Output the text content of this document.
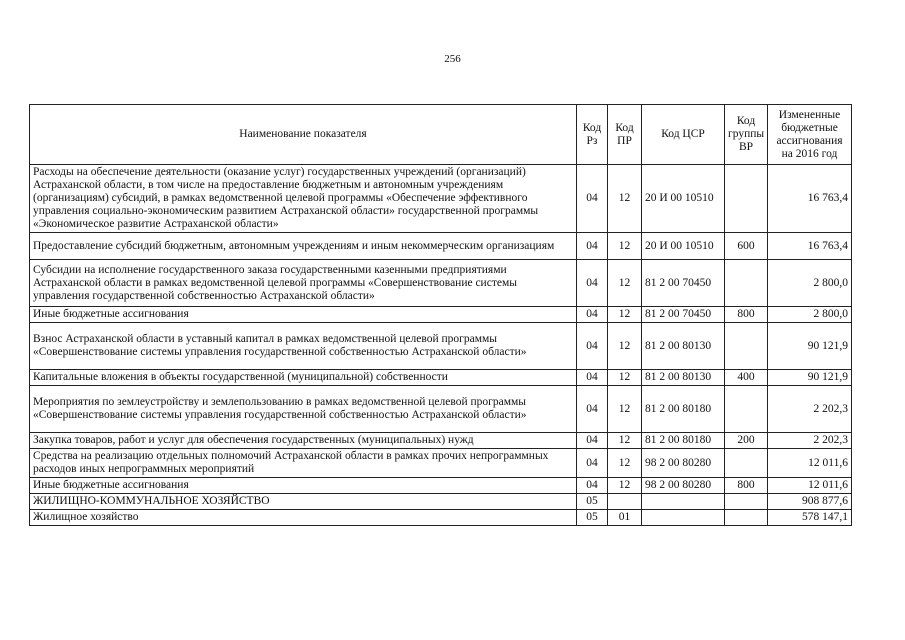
256
Наименование показателя	Код Рз	Код ПР	Код ЦСР	Код группы ВР	Измененные бюджетные ассигнования на 2016 год
Расходы на обеспечение деятельности (оказание услуг) государственных учреждений (организаций) Астраханской области, в том числе на предоставление бюджетным и автономным учреждениям (организациям) субсидий, в рамках ведомственной целевой программы «Обеспечение эффективного управления социально-экономическим развитием Астраханской области» государственной программы «Экономическое развитие Астраханской области»	04	12	20 И 00 10510		16 763,4
Предоставление субсидий бюджетным, автономным учреждениям и иным некоммерческим организациям	04	12	20 И 00 10510	600	16 763,4
Субсидии на исполнение государственного заказа государственными казенными предприятиями Астраханской области в рамках ведомственной целевой программы «Совершенствование системы управления государственной собственностью Астраханской области»	04	12	81 2 00 70450		2 800,0
Иные бюджетные ассигнования	04	12	81 2 00 70450	800	2 800,0
Взнос Астраханской области в уставный капитал в рамках ведомственной целевой программы «Совершенствование системы управления государственной собственностью Астраханской области»	04	12	81 2 00 80130		90 121,9
Капитальные вложения в объекты государственной (муниципальной) собственности	04	12	81 2 00 80130	400	90 121,9
Мероприятия по землеустройству и землепользованию в рамках ведомственной целевой программы «Совершенствование системы управления государственной собственностью Астраханской области»	04	12	81 2 00 80180		2 202,3
Закупка товаров, работ и услуг для обеспечения государственных (муниципальных) нужд	04	12	81 2 00 80180	200	2 202,3
Средства на реализацию отдельных полномочий Астраханской области в рамках прочих непрограммных расходов иных непрограммных мероприятий	04	12	98 2 00 80280		12 011,6
Иные бюджетные ассигнования	04	12	98 2 00 80280	800	12 011,6
ЖИЛИЩНО-КОММУНАЛЬНОЕ ХОЗЯЙСТВО	05				908 877,6
Жилищное хозяйство	05	01			578 147,1
